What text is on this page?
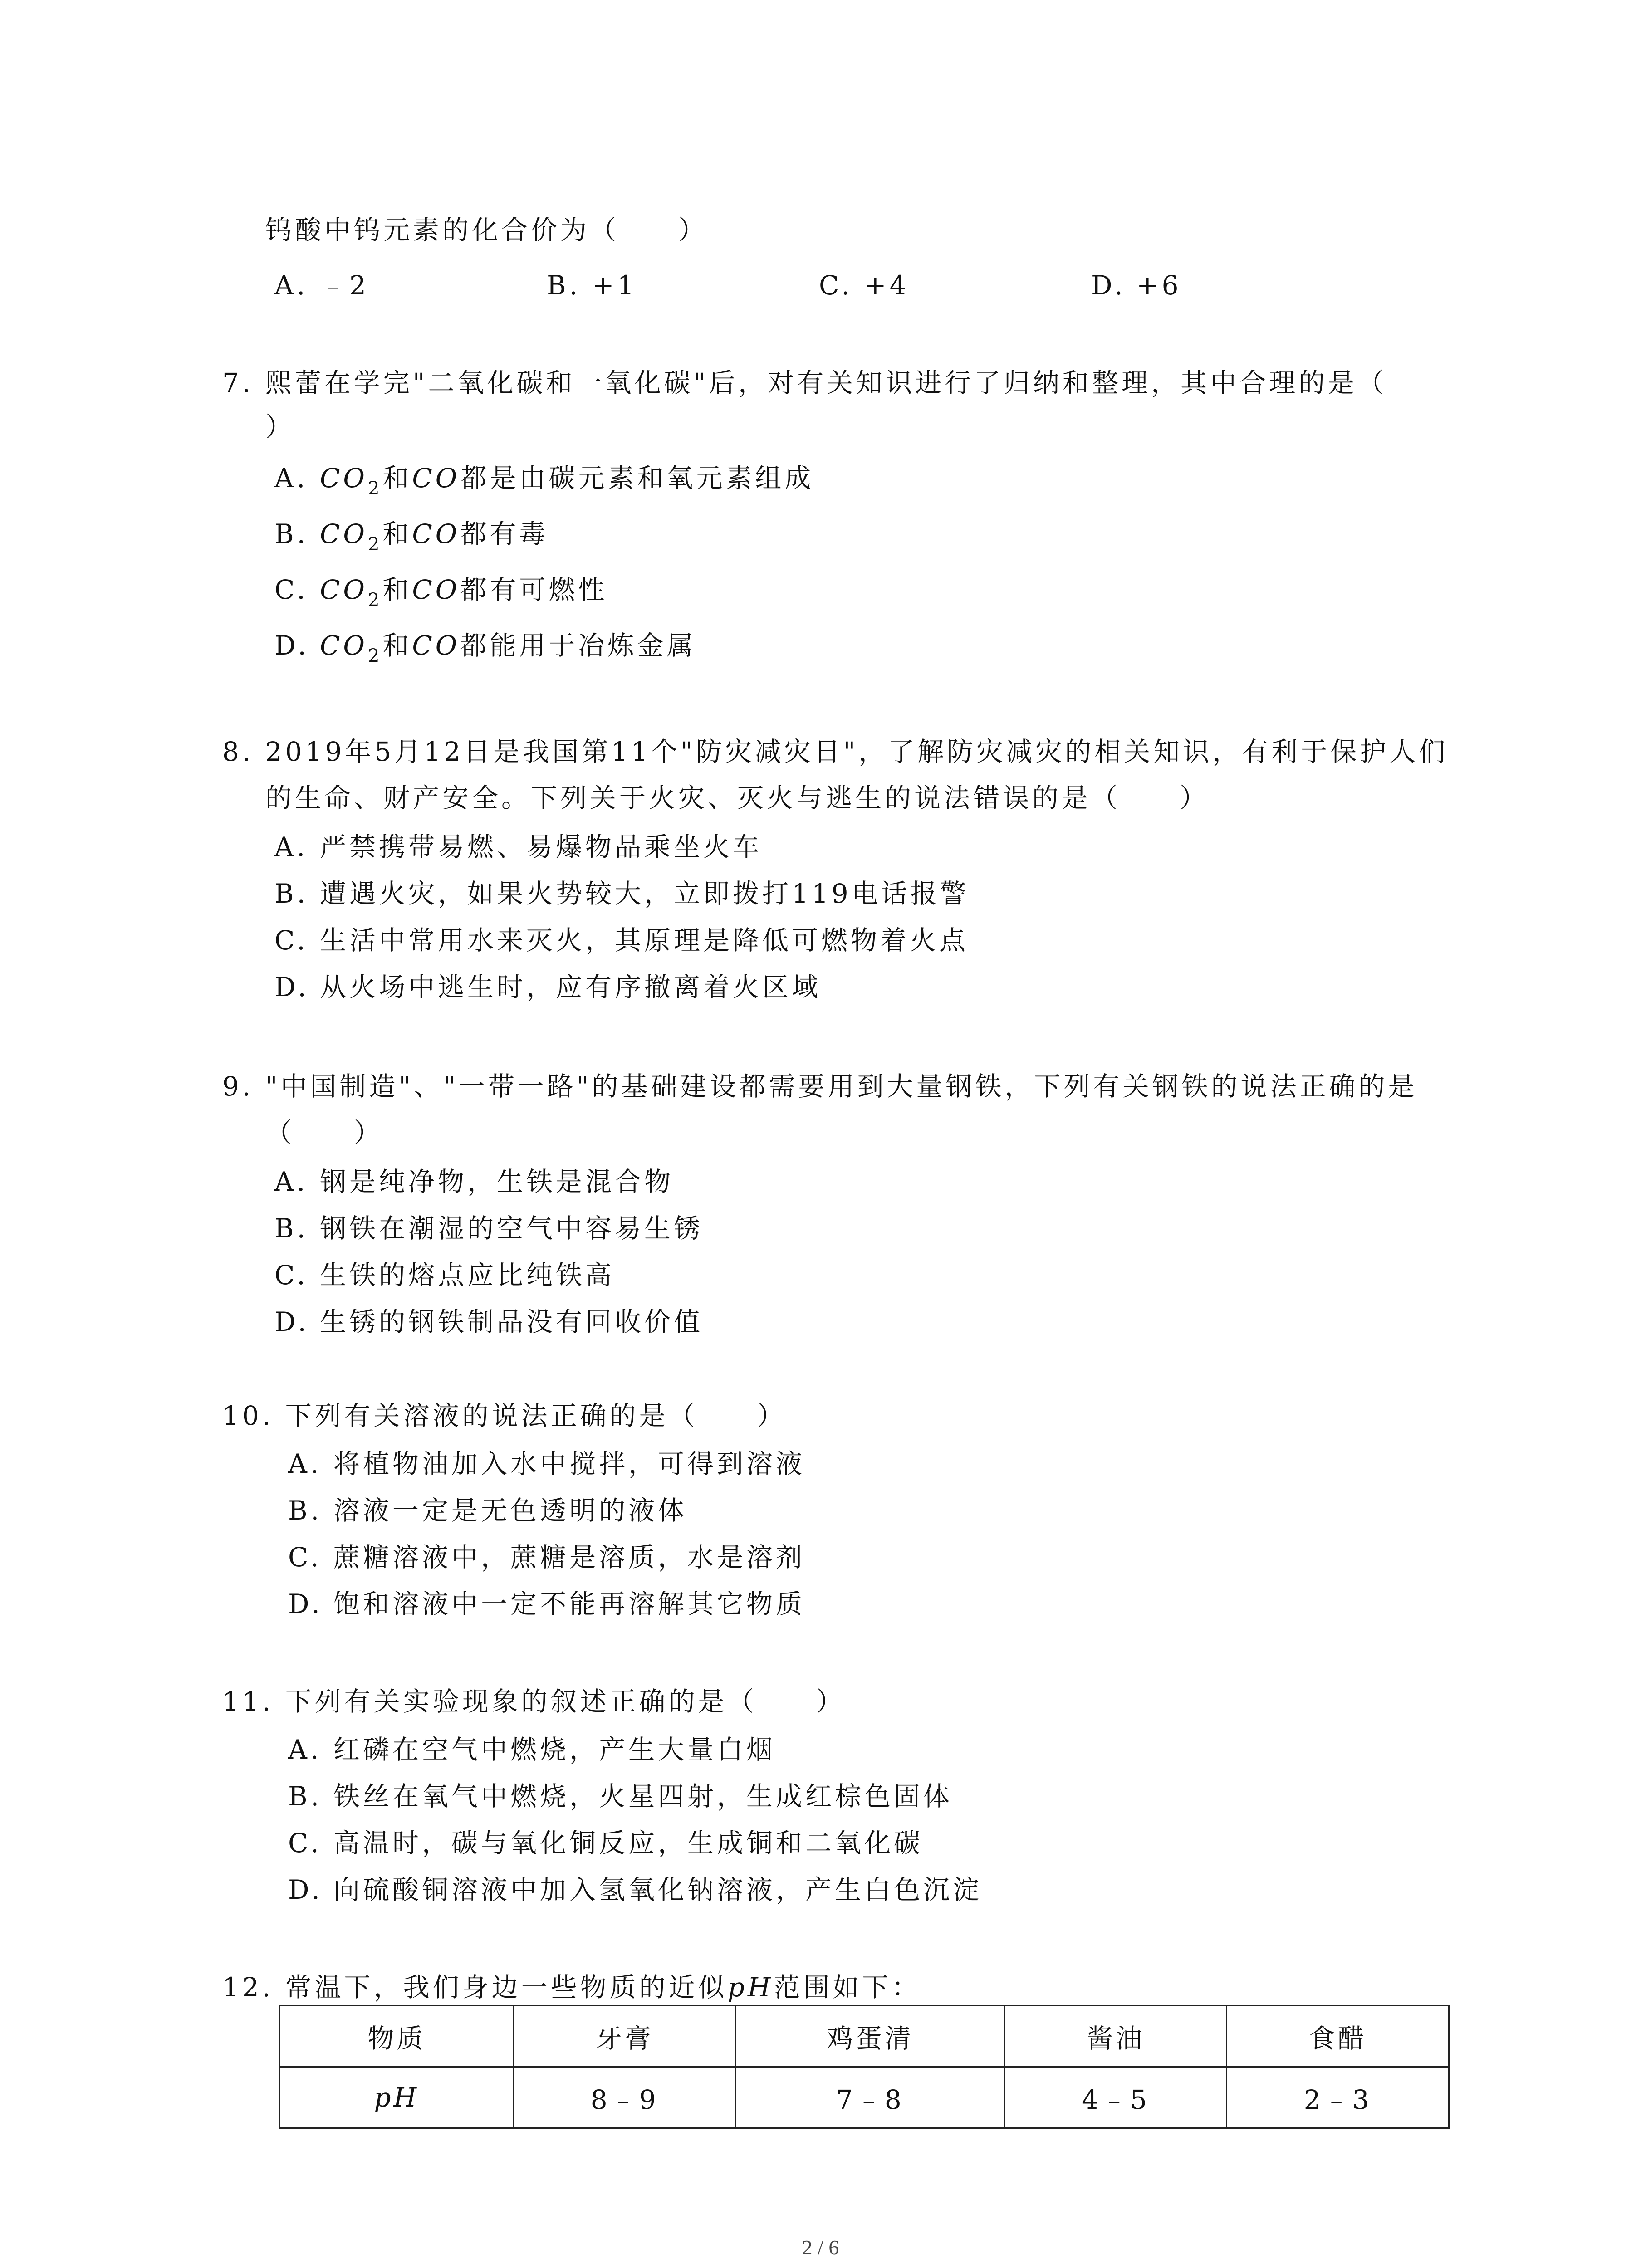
钨酸中钨元素的化合价为（　　）
A. ﹣2	B. +1	C. +4	D. +6
7. 熙蕾在学完"二氧化碳和一氧化碳"后，对有关知识进行了归纳和整理，其中合理的是（
）
A. $CO_2$和CO都是由碳元素和氧元素组成
B. $CO_2$和CO都有毒
C. $CO_2$和CO都有可燃性
D. $CO_2$和CO都能用于冶炼金属
8. 2019年5月12日是我国第11个"防灾减灾日"，了解防灾减灾的相关知识，有利于保护人们
的生命、财产安全。下列关于火灾、灭火与逃生的说法错误的是（　　）
A. 严禁携带易燃、易爆物品乘坐火车
B. 遭遇火灾，如果火势较大，立即拨打119电话报警
C. 生活中常用水来灭火，其原理是降低可燃物着火点
D. 从火场中逃生时，应有序撤离着火区域
9. "中国制造"、"一带一路"的基础建设都需要用到大量钢铁，下列有关钢铁的说法正确的是
（　　）
A. 钢是纯净物，生铁是混合物
B. 钢铁在潮湿的空气中容易生锈
C. 生铁的熔点应比纯铁高
D. 生锈的钢铁制品没有回收价值
10. 下列有关溶液的说法正确的是（　　）
A. 将植物油加入水中搅拌，可得到溶液
B. 溶液一定是无色透明的液体
C. 蔗糖溶液中，蔗糖是溶质，水是溶剂
D. 饱和溶液中一定不能再溶解其它物质
11. 下列有关实验现象的叙述正确的是（　　）
A. 红磷在空气中燃烧，产生大量白烟
B. 铁丝在氧气中燃烧，火星四射，生成红棕色固体
C. 高温时，碳与氧化铜反应，生成铜和二氧化碳
D. 向硫酸铜溶液中加入氢氧化钠溶液，产生白色沉淀
12. 常温下，我们身边一些物质的近似pH范围如下：
物质	牙膏	鸡蛋清	酱油	食醋
pH	8﹣9	7﹣8	4﹣5	2﹣3
2 / 6
